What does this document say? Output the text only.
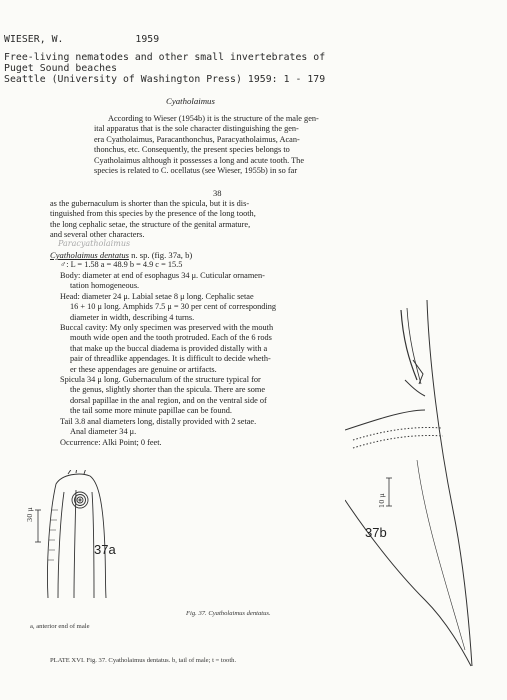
WIESER, W.	1959
Free-living nematodes and other small invertebrates of
Puget Sound beaches
Seattle (University of Washington Press) 1959: 1 - 179
Cyatholaimus
According to Wieser (1954b) it is the structure of the male gen-
ital apparatus that is the sole character distinguishing the gen-
era Cyatholaimus, Paracanthonchus, Paracyatholaimus, Acan-
thonchus, etc. Consequently, the present species belongs to
Cyatholaimus although it possesses a long and acute tooth. The
species is related to C. ocellatus (see Wieser, 1955b) in so far
38
as the gubernaculum is shorter than the spicula, but it is dis-
tinguished from this species by the presence of the long tooth,
the long cephalic setae, the structure of the genital armature,
and several other characters.
Paracyatholaimus
Cyatholaimus dentatus n. sp. (fig. 37a, b)
♂: L = 1.58 a = 48.9 b = 4.9 c = 15.5
Body: diameter at end of esophagus 34 μ. Cuticular ornamen-
tation homogeneous.
Head: diameter 24 μ. Labial setae 8 μ long. Cephalic setae
16 + 10 μ long. Amphids 7.5 μ = 30 per cent of corresponding
diameter in width, describing 4 turns.
Buccal cavity: My only specimen was preserved with the mouth
mouth wide open and the tooth protruded. Each of the 6 rods
that make up the buccal diadema is provided distally with a
pair of threadlike appendages. It is difficult to decide wheth-
er these appendages are genuine or artifacts.
Spicula 34 μ long. Gubernaculum of the structure typical for
the genus, slightly shorter than the spicula. There are some
dorsal papillae in the anal region, and on the ventral side of
the tail some more minute papillae can be found.
Tail 3.8 anal diameters long, distally provided with 2 setae.
Anal diameter 34 μ.
Occurrence: Alki Point; 0 feet.
30 μ
37a
10 μ
37b
Fig. 37. Cyatholaimus dentatus.
a, anterior end of male
PLATE XVI. Fig. 37. Cyatholaimus dentatus. b, tail of male; t = tooth.
